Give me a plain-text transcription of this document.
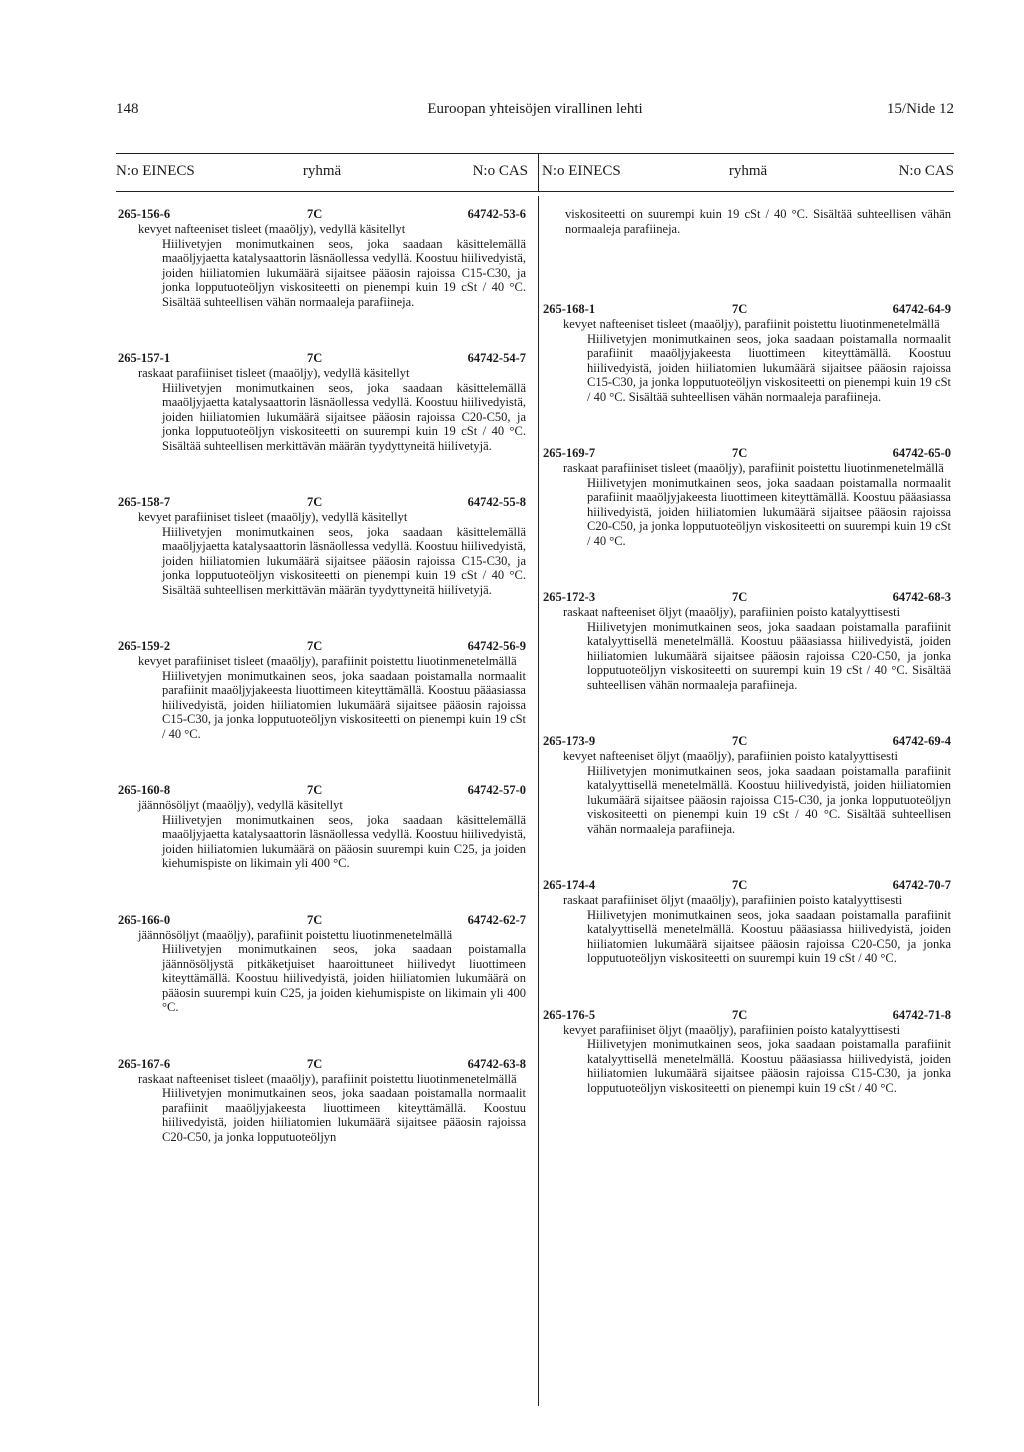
148	Euroopan yhteisöjen virallinen lehti	15/Nide 12
N:o EINECS	ryhmä	N:o CAS N:o EINECS	ryhmä	N:o CAS
265-156-6	7C	64742-53-6

kevyet nafteeniset tisleet (maaöljy), vedyllä käsitellyt

Hiilivetyjen monimutkainen seos, joka saadaan käsittelemällä maaöljyjaetta katalysaattorin läsnäollessa vedyllä. Koostuu hiilivedyistä, joiden hiiliatomien lukumäärä sijaitsee pääosin rajoissa C15-C30, ja jonka lopputuoteöljyn viskositeetti on pienempi kuin 19 cSt / 40 °C. Sisältää suhteellisen vähän normaaleja parafiineja.

265-157-1	7C	64742-54-7

raskaat parafiiniset tisleet (maaöljy), vedyllä käsitellyt

Hiilivetyjen monimutkainen seos, joka saadaan käsittelemällä maaöljyjaetta katalysaattorin läsnäollessa vedyllä. Koostuu hiilivedyistä, joiden hiiliatomien lukumäärä sijaitsee pääosin rajoissa C20-C50, ja jonka lopputuoteöljyn viskositeetti on suurempi kuin 19 cSt / 40 °C. Sisältää suhteellisen merkittävän määrän tyydyttyneitä hiilivetyjä.

265-158-7	7C	64742-55-8

kevyet parafiiniset tisleet (maaöljy), vedyllä käsitellyt

Hiilivetyjen monimutkainen seos, joka saadaan käsittelemällä maaöljyjaetta katalysaattorin läsnäollessa vedyllä. Koostuu hiilivedyistä, joiden hiiliatomien lukumäärä sijaitsee pääosin rajoissa C15-C30, ja jonka lopputuoteöljyn viskositeetti on pienempi kuin 19 cSt / 40 °C. Sisältää suhteellisen merkittävän määrän tyydyttyneitä hiilivetyjä.

265-159-2	7C	64742-56-9

kevyet parafiiniset tisleet (maaöljy), parafiinit poistettu liuotinmenetelmällä

Hiilivetyjen monimutkainen seos, joka saadaan poistamalla normaalit parafiinit maaöljyjakeesta liuottimeen kiteyttämällä. Koostuu pääasiassa hiilivedyistä, joiden hiiliatomien lukumäärä sijaitsee pääosin rajoissa C15-C30, ja jonka lopputuoteöljyn viskositeetti on pienempi kuin 19 cSt / 40 °C.

265-160-8	7C	64742-57-0

jäännösöljyt (maaöljy), vedyllä käsitellyt

Hiilivetyjen monimutkainen seos, joka saadaan käsittelemällä maaöljyjaetta katalysaattorin läsnäollessa vedyllä. Koostuu hiilivedyistä, joiden hiiliatomien lukumäärä on pääosin suurempi kuin C25, ja joiden kiehumispiste on likimain yli 400 °C.

265-166-0	7C	64742-62-7

jäännösöljyt (maaöljy), parafiinit poistettu liuotinmenetelmällä

Hiilivetyjen monimutkainen seos, joka saadaan poistamalla jäännösöljystä pitkäketjuiset haaroittuneet hiilivedyt liuottimeen kiteyttämällä. Koostuu hiilivedyistä, joiden hiiliatomien lukumäärä on pääosin suurempi kuin C25, ja joiden kiehumispiste on likimain yli 400 °C.

265-167-6	7C	64742-63-8

raskaat nafteeniset tisleet (maaöljy), parafiinit poistettu liuotinmenetelmällä

Hiilivetyjen monimutkainen seos, joka saadaan poistamalla normaalit parafiinit maaöljyjakeesta liuottimeen kiteyttämällä. Koostuu hiilivedyistä, joiden hiiliatomien lukumäärä sijaitsee pääosin rajoissa C20-C50, ja jonka lopputuoteöljyn

viskositeetti on suurempi kuin 19 cSt / 40 °C. Sisältää suhteellisen vähän normaaleja parafiineja.

265-168-1	7C	64742-64-9

kevyet nafteeniset tisleet (maaöljy), parafiinit poistettu liuotinmenetelmällä

Hiilivetyjen monimutkainen seos, joka saadaan poistamalla normaalit parafiinit maaöljyjakeesta liuottimeen kiteyttämällä. Koostuu hiilivedyistä, joiden hiiliatomien lukumäärä sijaitsee pääosin rajoissa C15-C30, ja jonka lopputuoteöljyn viskositeetti on pienempi kuin 19 cSt / 40 °C. Sisältää suhteellisen vähän normaaleja parafiineja.

265-169-7	7C	64742-65-0

raskaat parafiiniset tisleet (maaöljy), parafiinit poistettu liuotinmenetelmällä

Hiilivetyjen monimutkainen seos, joka saadaan poistamalla normaalit parafiinit maaöljyjakeesta liuottimeen kiteyttämällä. Koostuu pääasiassa hiilivedyistä, joiden hiiliatomien lukumäärä sijaitsee pääosin rajoissa C20-C50, ja jonka lopputuoteöljyn viskositeetti on suurempi kuin 19 cSt / 40 °C.

265-172-3	7C	64742-68-3

raskaat nafteeniset öljyt (maaöljy), parafiinien poisto katalyyttisesti

Hiilivetyjen monimutkainen seos, joka saadaan poistamalla parafiinit katalyyttisellä menetelmällä. Koostuu pääasiassa hiilivedyistä, joiden hiiliatomien lukumäärä sijaitsee pääosin rajoissa C20-C50, ja jonka lopputuoteöljyn viskositeetti on suurempi kuin 19 cSt / 40 °C. Sisältää suhteellisen vähän normaaleja parafiineja.

265-173-9	7C	64742-69-4

kevyet nafteeniset öljyt (maaöljy), parafiinien poisto katalyyttisesti

Hiilivetyjen monimutkainen seos, joka saadaan poistamalla parafiinit katalyyttisellä menetelmällä. Koostuu hiilivedyistä, joiden hiiliatomien lukumäärä sijaitsee pääosin rajoissa C15-C30, ja jonka lopputuoteöljyn viskositeetti on pienempi kuin 19 cSt / 40 °C. Sisältää suhteellisen vähän normaaleja parafiineja.

265-174-4	7C	64742-70-7

raskaat parafiiniset öljyt (maaöljy), parafiinien poisto katalyyttisesti

Hiilivetyjen monimutkainen seos, joka saadaan poistamalla parafiinit katalyyttisellä menetelmällä. Koostuu pääasiassa hiilivedyistä, joiden hiiliatomien lukumäärä sijaitsee pääosin rajoissa C20-C50, ja jonka lopputuoteöljyn viskositeetti on suurempi kuin 19 cSt / 40 °C.

265-176-5	7C	64742-71-8

kevyet parafiiniset öljyt (maaöljy), parafiinien poisto katalyyttisesti

Hiilivetyjen monimutkainen seos, joka saadaan poistamalla parafiinit katalyyttisellä menetelmällä. Koostuu pääasiassa hiilivedyistä, joiden hiiliatomien lukumäärä sijaitsee pääosin rajoissa C15-C30, ja jonka lopputuoteöljyn viskositeetti on pienempi kuin 19 cSt / 40 °C.
